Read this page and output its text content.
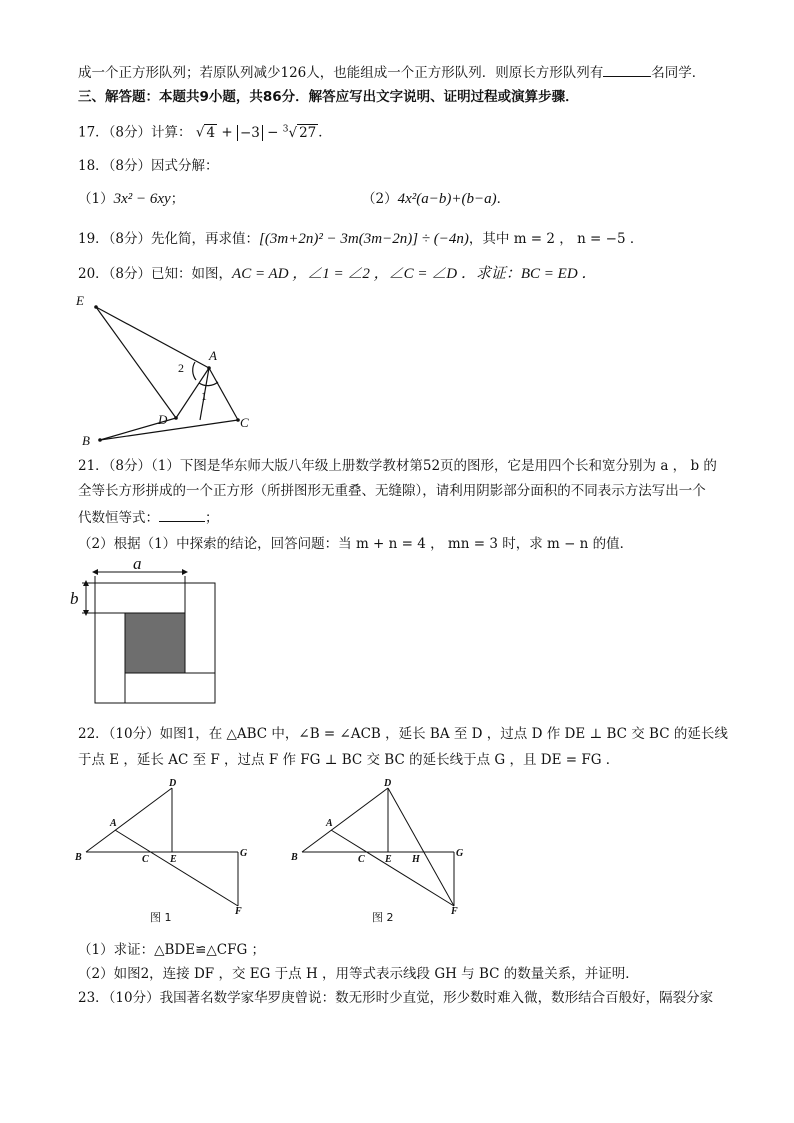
成一个正方形队列；若原队列减少126人，也能组成一个正方形队列．则原长方形队列有	名同学．
三、解答题：本题共9小题，共86分．解答应写出文字说明、证明过程或演算步骤．
17．（8分）计算： √ 4 + −3 − $^3$√ 27 ．
18．（8分）因式分解：
（1）3x² − 6xy；	（2）4x²(a−b)+(b−a)．
19．（8分）先化简，再求值：[(3m+2n)² − 3m(3m−2n)] ÷ (−4n)，其中 m = 2 ， n = −5 ．
20．（8分）已知：如图，AC = AD ，∠1 = ∠2 ，∠C = ∠D ．求证：BC = ED ．
E
A
2
1
D
B
C
21．（8分）（1）下图是华东师大版八年级上册数学教材第52页的图形，它是用四个长和宽分别为 a ， b 的
全等长方形拼成的一个正方形（所拼图形无重叠、无缝隙），请利用阴影部分面积的不同表示方法写出一个
代数恒等式：	；
（2）根据（1）中探索的结论，回答问题：当 m + n = 4 ， mn = 3 时，求 m − n 的值．
a
b
22．（10分）如图1，在 △ABC 中，∠B = ∠ACB ，延长 BA 至 D ，过点 D 作 DE ⊥ BC 交 BC 的延长线
于点 E ，延长 AC 至 F ，过点 F 作 FG ⊥ BC 交 BC 的延长线于点 G ，且 DE = FG ．
D
A
B	C E
G
F
图 1
D
A
B	C E H
G
F
图 2
（1）求证：△BDE≌△CFG ；
（2）如图2，连接 DF ，交 EG 于点 H ，用等式表示线段 GH 与 BC 的数量关系，并证明．
23．（10分）我国著名数学家华罗庚曾说：数无形时少直觉，形少数时难入微，数形结合百般好，隔裂分家
